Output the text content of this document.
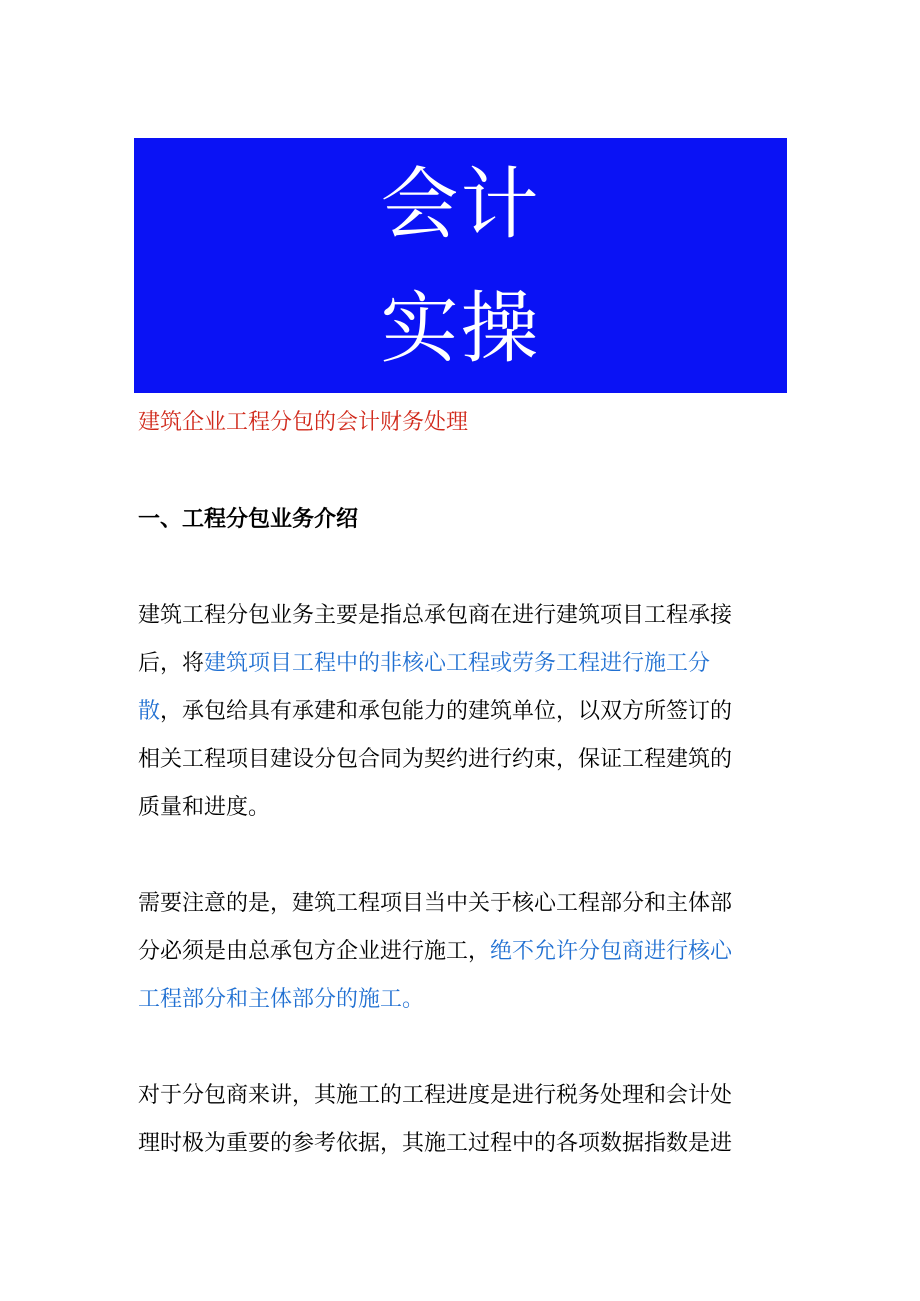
会计
实操
建筑企业工程分包的会计财务处理
一、工程分包业务介绍
建筑工程分包业务主要是指总承包商在进行建筑项目工程承接
后，将建筑项目工程中的非核心工程或劳务工程进行施工分
散，承包给具有承建和承包能力的建筑单位，以双方所签订的
相关工程项目建设分包合同为契约进行约束，保证工程建筑的
质量和进度。
需要注意的是，建筑工程项目当中关于核心工程部分和主体部
分必须是由总承包方企业进行施工，绝不允许分包商进行核心
工程部分和主体部分的施工。
对于分包商来讲，其施工的工程进度是进行税务处理和会计处
理时极为重要的参考依据，其施工过程中的各项数据指数是进
